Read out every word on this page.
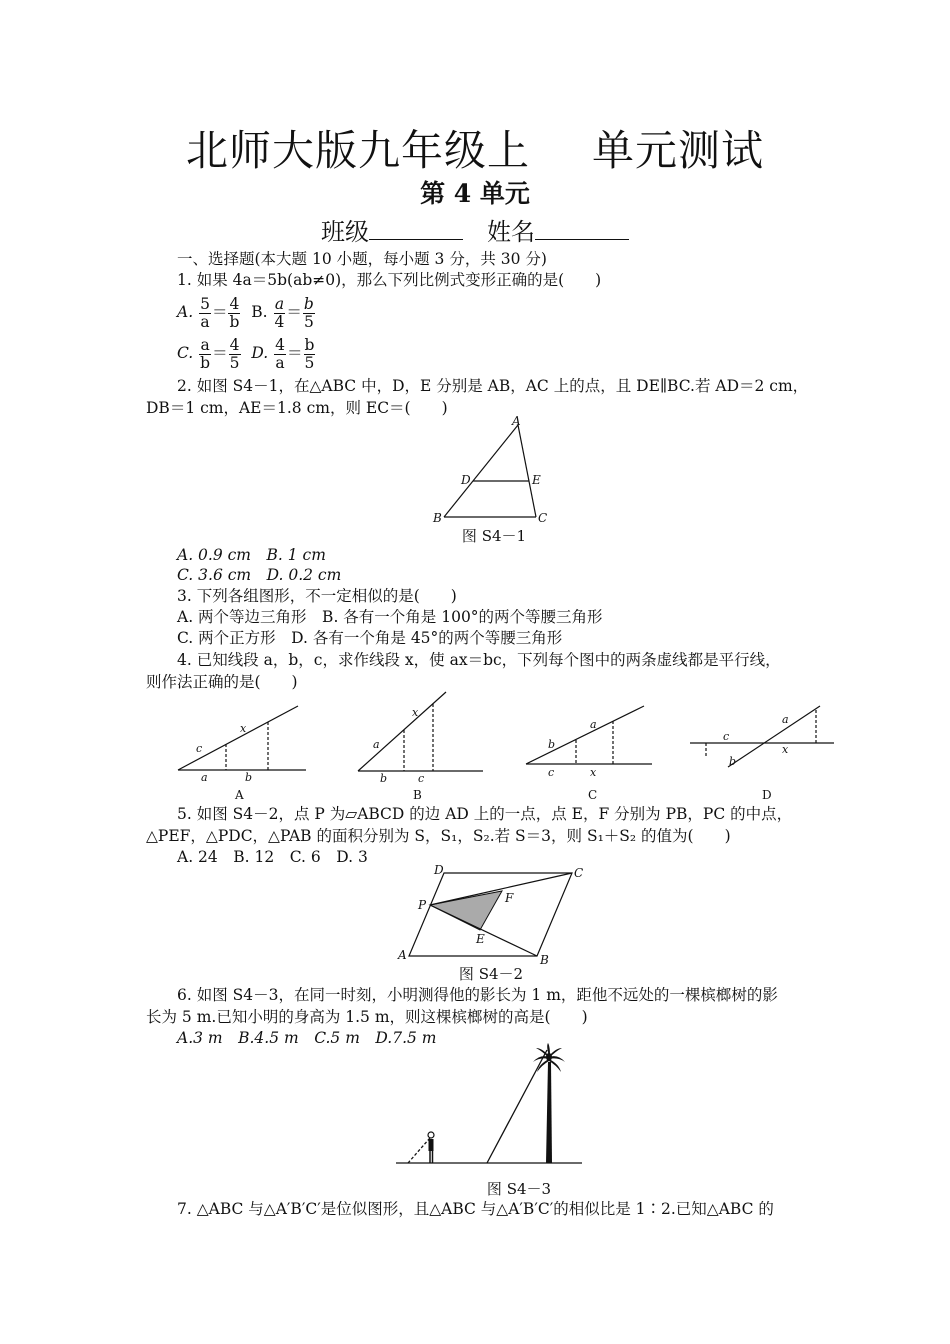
北师大版九年级上 单元测试
第 4 单元
班级	姓名
一、选择题(本大题 10 小题，每小题 3 分，共 30 分)
1. 如果 4a＝5b(ab≠0)，那么下列比例式变形正确的是(　　)
A. $\frac{5}{a} = \frac{4}{b} B$. $\frac{a}{4} = \frac{b}{5}$
C. $\frac{a}{b} = \frac{4}{5} D$. $\frac{4}{a} = \frac{b}{5}$
2. 如图 S4－1，在△ABC 中，D，E 分别是 AB，AC 上的点，且 DE∥BC.若 AD＝2 cm，
DB＝1 cm，AE＝1.8 cm，则 EC＝(　　)
A
B	C
D	E
图 S4－1
A. 0.9 cm　B. 1 cm
C. 3.6 cm　D. 0.2 cm
3. 下列各组图形，不一定相似的是(　　)
A. 两个等边三角形　B. 各有一个角是 100°的两个等腰三角形
C. 两个正方形　D. 各有一个角是 45°的两个等腰三角形
4. 已知线段 a，b，c，求作线段 x，使 ax＝bc，下列每个图中的两条虚线都是平行线，
则作法正确的是(　　)
c
x
a	b
a
x
b	c
b
a
c	x
c
a
b
x
A	B	C	D
5. 如图 S4－2，点 P 为▱ABCD 的边 AD 上的一点，点 E，F 分别为 PB，PC 的中点，
△PEF，△PDC，△PAB 的面积分别为 S，S₁，S₂.若 S＝3，则 S₁＋S₂ 的值为(　　)
A. 24　B. 12　C. 6　D. 3
A	B
C
D
E
F
P
图 S4－2
6. 如图 S4－3，在同一时刻，小明测得他的影长为 1 m，距他不远处的一棵槟榔树的影
长为 5 m.已知小明的身高为 1.5 m，则这棵槟榔树的高是(　　)
A.3 m　B.4.5 m　C.5 m　D.7.5 m
图 S4－3
7. △ABC 与△A′B′C′是位似图形，且△ABC 与△A′B′C′的相似比是 1∶2.已知△ABC 的
